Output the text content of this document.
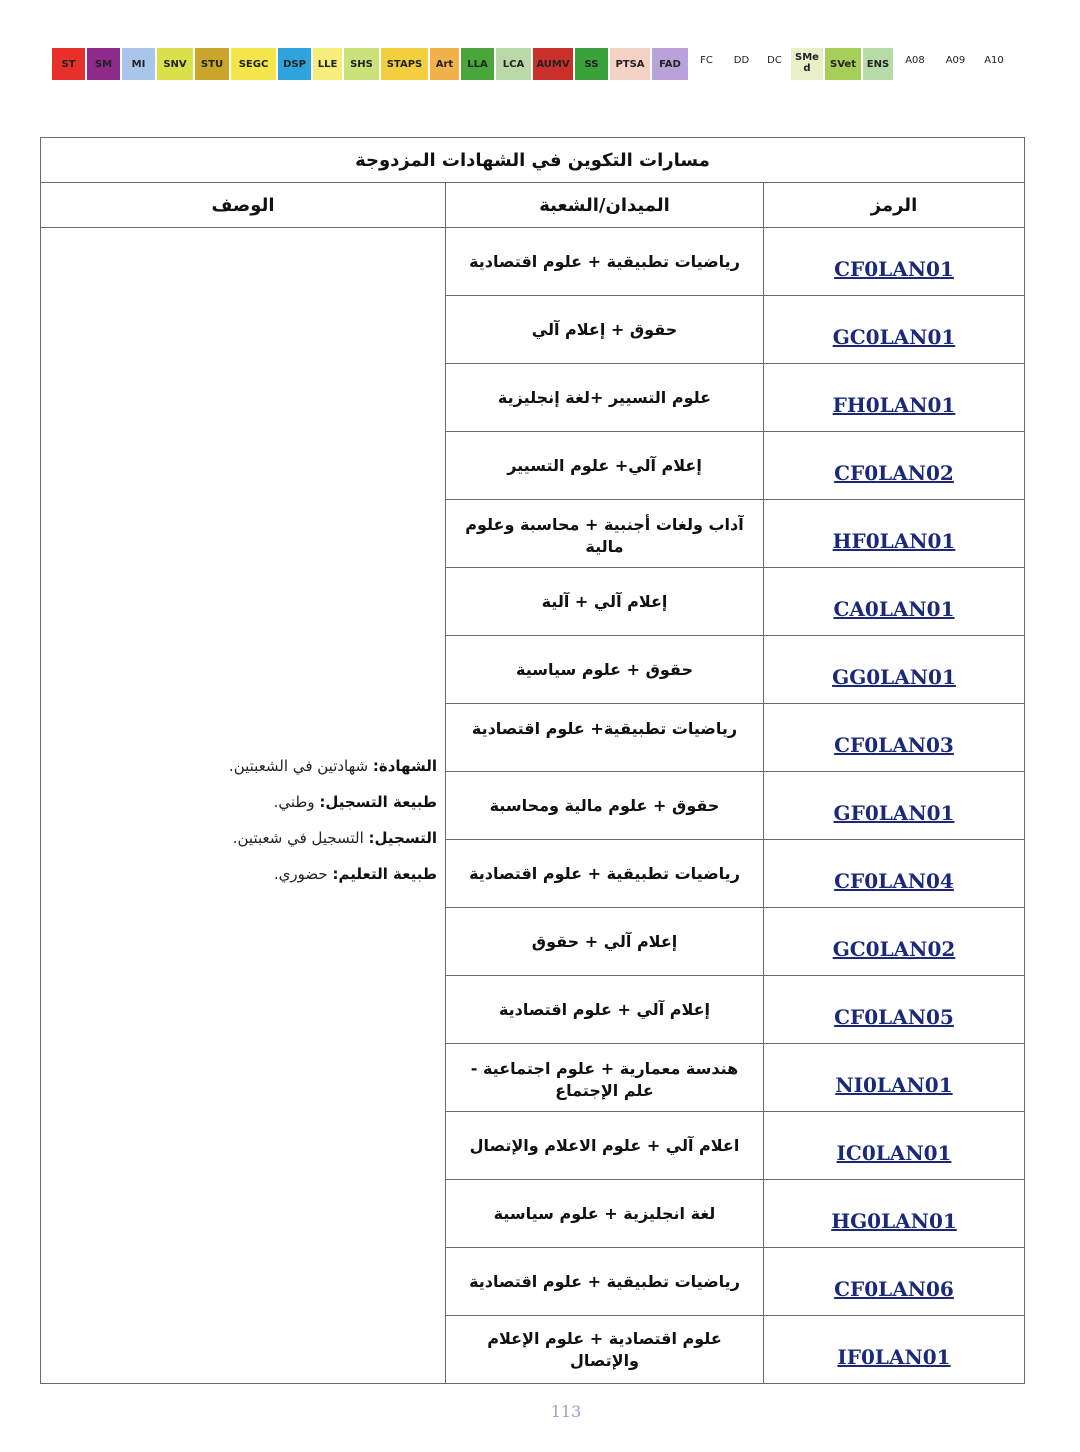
ST	SM	MI	SNV	STU	SEGC	DSP	LLE	SHS	STAPS	Art	LLA	LCA	AUMV	SS	PTSA	FAD	FC	DD	DC	SMe d	SVet	ENS	A08	A09	A10
مسارات التكوين في الشهادات المزدوجة		
الرمز	الميدان/الشعبة	الوصف
CF0LAN01	رياضيات تطبيقية + علوم اقتصادية	الشهادة: شهادتين في الشعبتين.
طبيعة التسجيل: وطني.
التسجيل: التسجيل في شعبتين.
طبيعة التعليم: حضوري.

GC0LAN01	حقوق + إعلام آلي	
FH0LAN01	علوم التسيير +لغة إنجليزية	
CF0LAN02	إعلام آلي+ علوم التسيير	
HF0LAN01	آداب ولغات أجنبية + محاسبة وعلوم مالية	
CA0LAN01	إعلام آلي + آلية	
GG0LAN01	حقوق + علوم سياسية	
CF0LAN03	رياضيات تطبيقية+ علوم اقتصادية	
GF0LAN01	حقوق + علوم مالية ومحاسبة	
CF0LAN04	رياضيات تطبيقية + علوم اقتصادية	
GC0LAN02	إعلام آلي + حقوق	
CF0LAN05	إعلام آلي + علوم اقتصادية	
NI0LAN01	هندسة معمارية + علوم اجتماعية - علم الإجتماع	
IC0LAN01	اعلام آلي + علوم الاعلام والإتصال	
HG0LAN01	لغة انجليزية + علوم سياسية	
CF0LAN06	رياضيات تطبيقية + علوم اقتصادية	
IF0LAN01	علوم اقتصادية + علوم الإعلام والإتصال	
113
